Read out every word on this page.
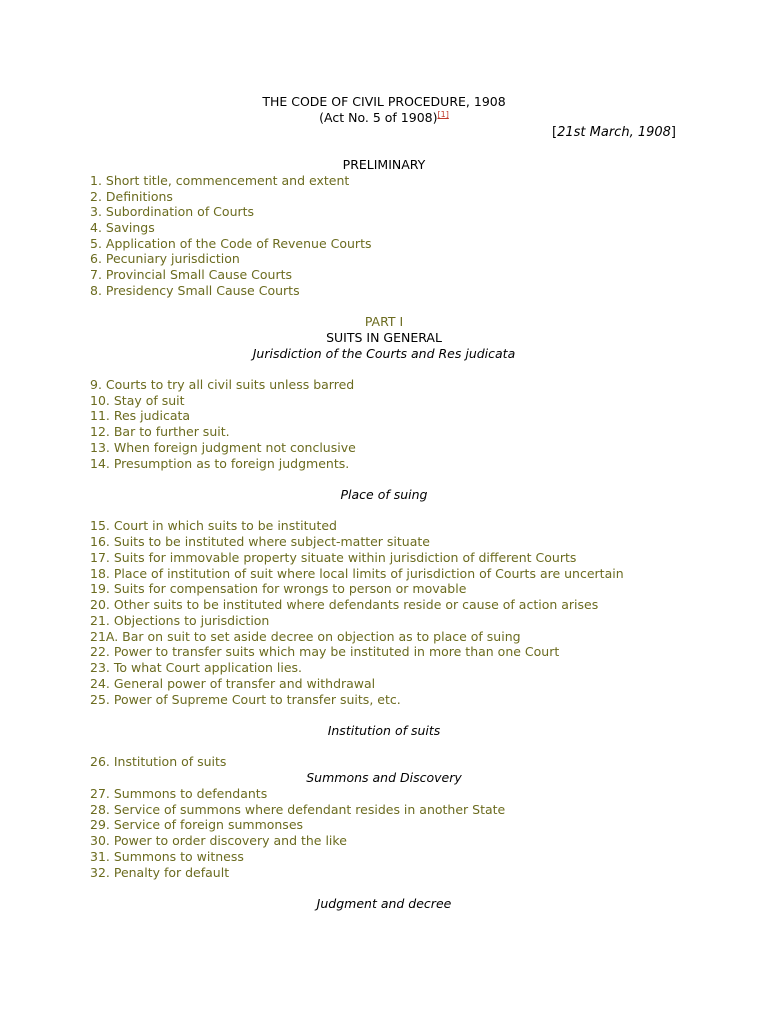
THE CODE OF CIVIL PROCEDURE, 1908
(Act No. 5 of 1908)[1]
[21st March, 1908]
PRELIMINARY
1. Short title, commencement and extent
2. Definitions
3. Subordination of Courts
4. Savings
5. Application of the Code of Revenue Courts
6. Pecuniary jurisdiction
7. Provincial Small Cause Courts
8. Presidency Small Cause Courts
PART I
SUITS IN GENERAL
Jurisdiction of the Courts and Res judicata
9. Courts to try all civil suits unless barred
10. Stay of suit
11. Res judicata
12. Bar to further suit.
13. When foreign judgment not conclusive
14. Presumption as to foreign judgments.
Place of suing
15. Court in which suits to be instituted
16. Suits to be instituted where subject-matter situate
17. Suits for immovable property situate within jurisdiction of different Courts
18. Place of institution of suit where local limits of jurisdiction of Courts are uncertain
19. Suits for compensation for wrongs to person or movable
20. Other suits to be instituted where defendants reside or cause of action arises
21. Objections to jurisdiction
21A. Bar on suit to set aside decree on objection as to place of suing
22. Power to transfer suits which may be instituted in more than one Court
23. To what Court application lies.
24. General power of transfer and withdrawal
25. Power of Supreme Court to transfer suits, etc.
Institution of suits
26. Institution of suits
Summons and Discovery
27. Summons to defendants
28. Service of summons where defendant resides in another State
29. Service of foreign summonses
30. Power to order discovery and the like
31. Summons to witness
32. Penalty for default
Judgment and decree
